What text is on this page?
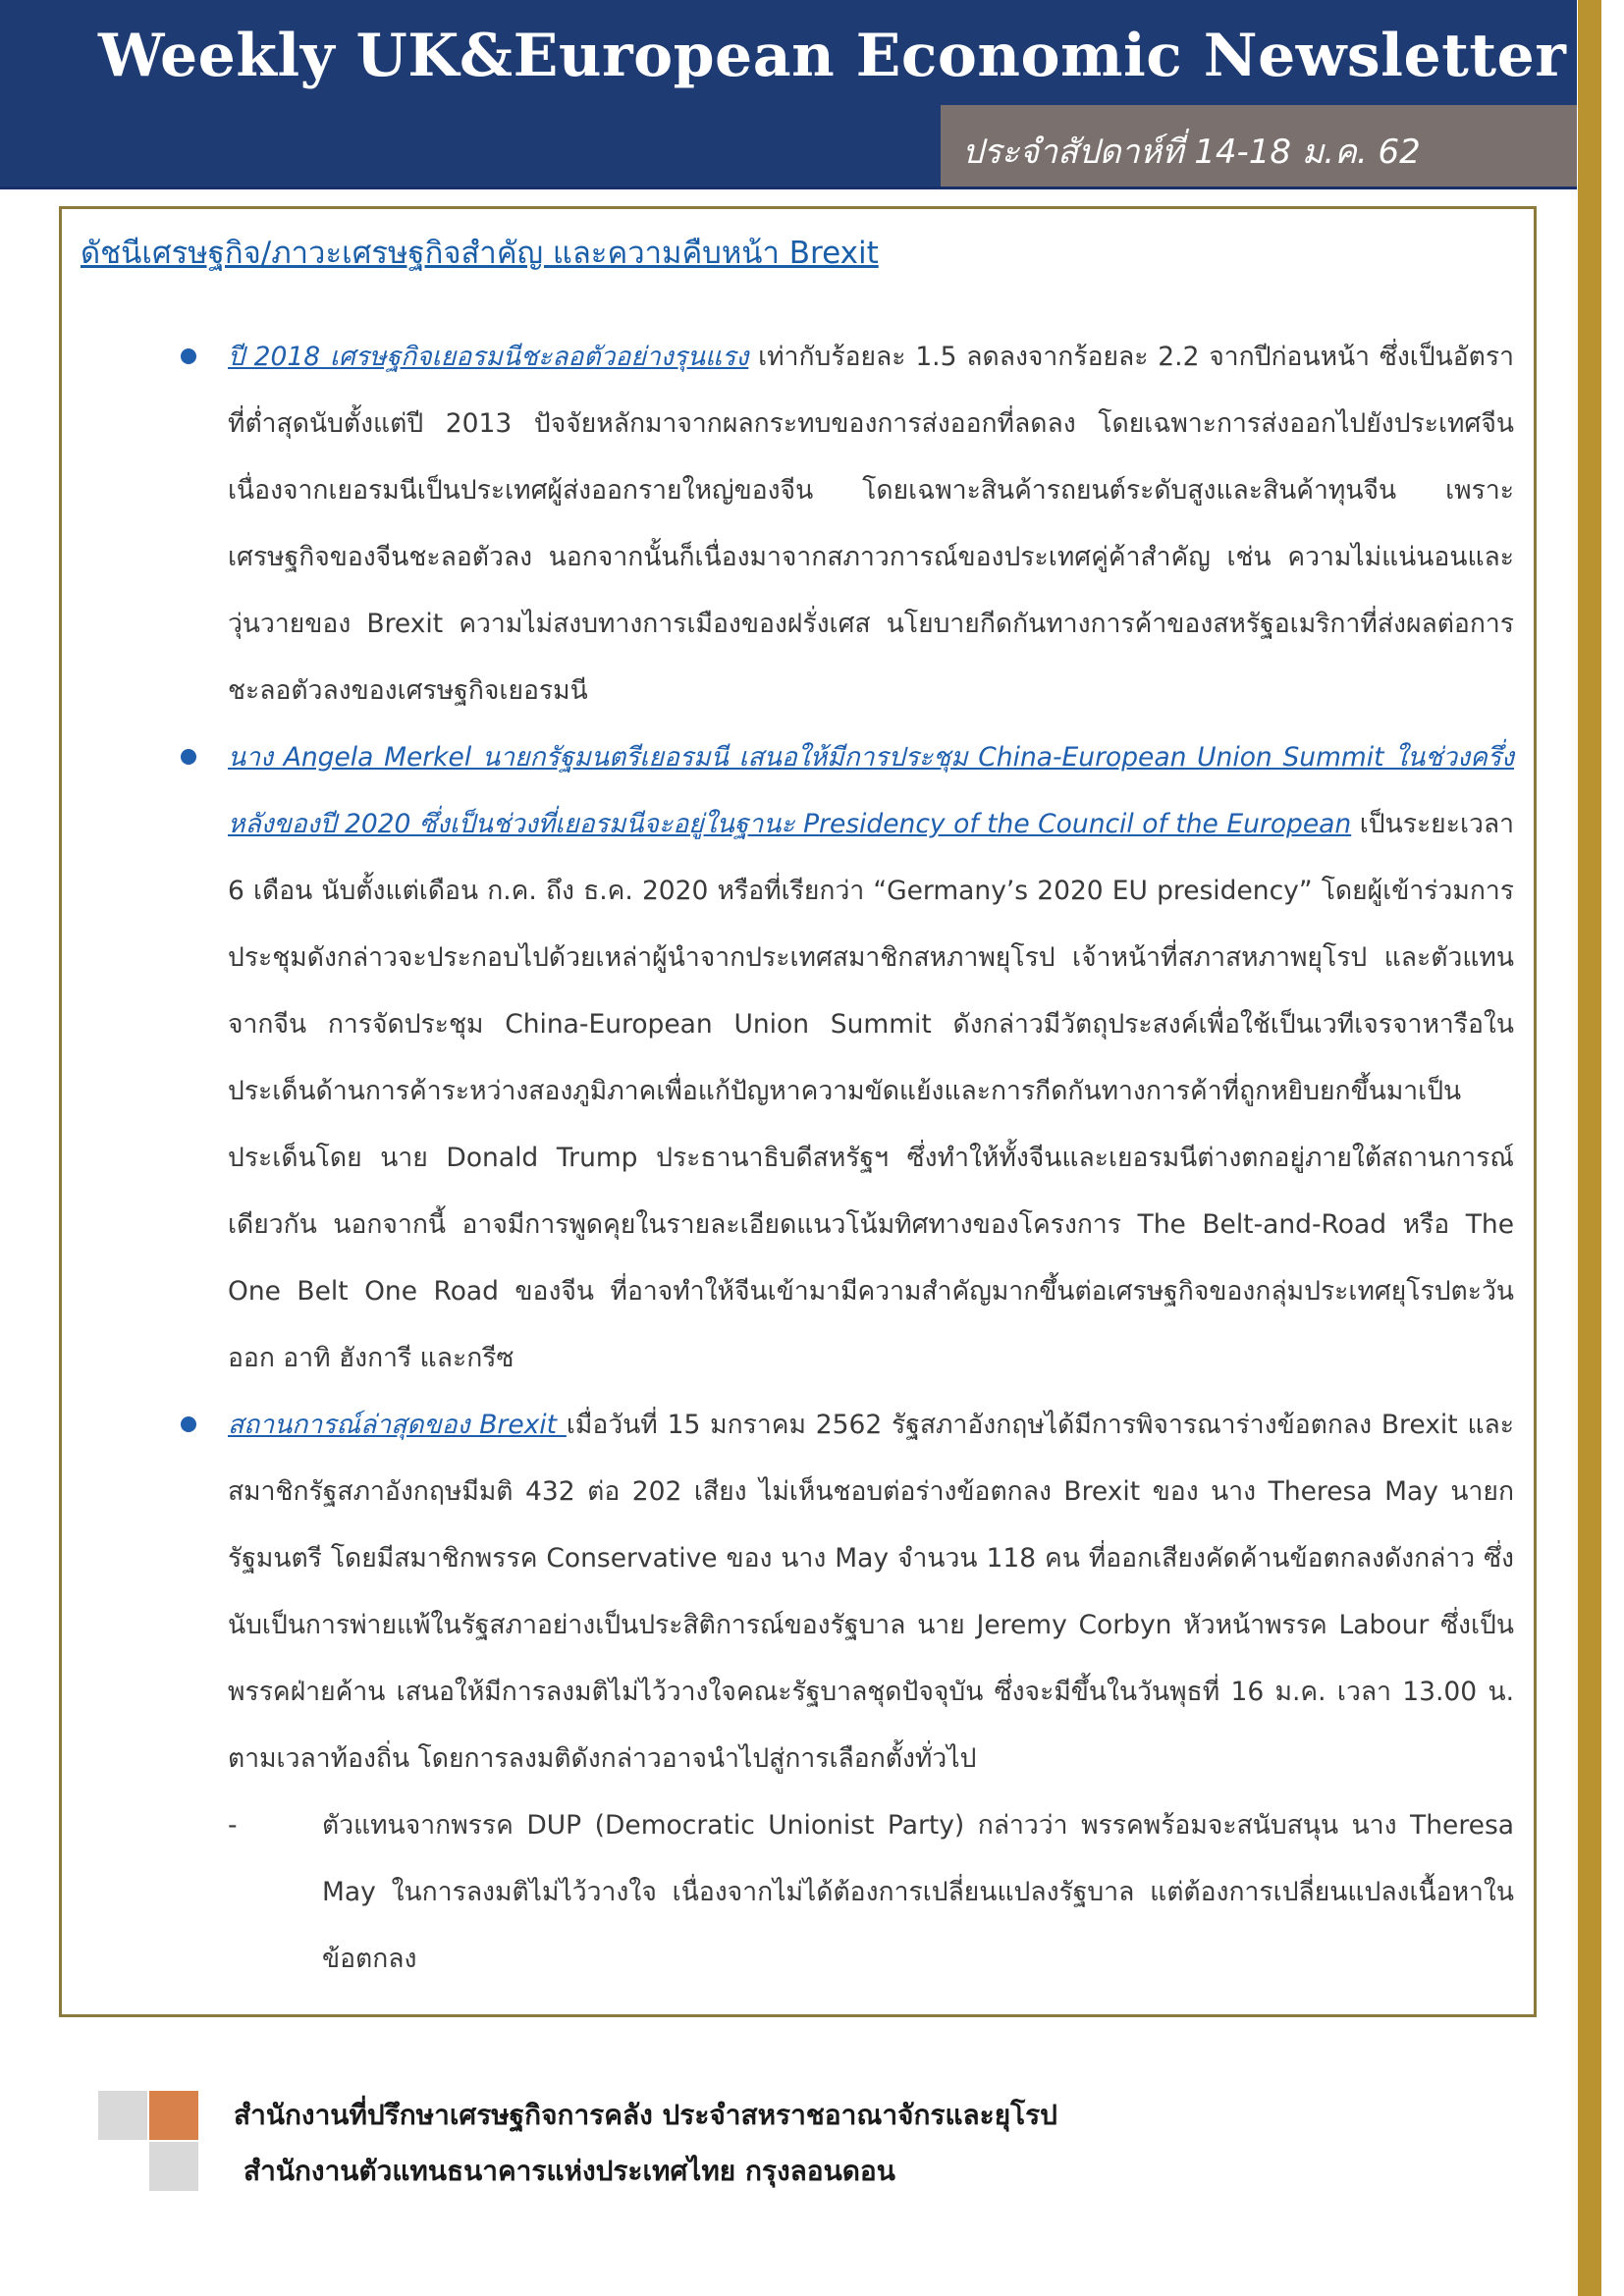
Weekly UK&European Economic Newsletter
ประจำสัปดาห์ที่ 14-18 ม.ค. 62
ดัชนีเศรษฐกิจ/ภาวะเศรษฐกิจสำคัญ และความคืบหน้า Brexit

ปี 2018 เศรษฐกิจเยอรมนีชะลอตัวอย่างรุนแรง เท่ากับร้อยละ 1.5 ลดลงจากร้อยละ 2.2 จากปีก่อนหน้า ซึ่งเป็นอัตราที่ต่ำสุดนับตั้งแต่ปี 2013 ปัจจัยหลักมาจากผลกระทบของการส่งออกที่ลดลง โดยเฉพาะการส่งออกไปยังประเทศจีน เนื่องจากเยอรมนีเป็นประเทศผู้ส่งออกรายใหญ่ของจีน โดยเฉพาะสินค้ารถยนต์ระดับสูงและสินค้าทุนจีน เพราะเศรษฐกิจของจีนชะลอตัวลง นอกจากนั้นก็เนื่องมาจากสภาวการณ์ของประเทศคู่ค้าสำคัญ เช่น ความไม่แน่นอนและวุ่นวายของ Brexit ความไม่สงบทางการเมืองของฝรั่งเศส นโยบายกีดกันทางการค้าของสหรัฐอเมริกาที่ส่งผลต่อการชะลอตัวลงของเศรษฐกิจเยอรมนี

นาง Angela Merkel นายกรัฐมนตรีเยอรมนี เสนอให้มีการประชุม China-European Union Summit ในช่วงครึ่งหลังของปี 2020 ซึ่งเป็นช่วงที่เยอรมนีจะอยู่ในฐานะ Presidency of the Council of the European เป็นระยะเวลา 6 เดือน นับตั้งแต่เดือน ก.ค. ถึง ธ.ค. 2020 หรือที่เรียกว่า “Germany’s 2020 EU presidency” โดยผู้เข้าร่วมการประชุมดังกล่าวจะประกอบไปด้วยเหล่าผู้นำจากประเทศสมาชิกสหภาพยุโรป เจ้าหน้าที่สภาสหภาพยุโรป และตัวแทนจากจีน การจัดประชุม China-European Union Summit ดังกล่าวมีวัตถุประสงค์เพื่อใช้เป็นเวทีเจรจาหารือในประเด็นด้านการค้าระหว่างสองภูมิภาคเพื่อแก้ปัญหาความขัดแย้งและการกีดกันทางการค้าที่ถูกหยิบยกขึ้นมาเป็นประเด็นโดย นาย Donald Trump ประธานาธิบดีสหรัฐฯ ซึ่งทำให้ทั้งจีนและเยอรมนีต่างตกอยู่ภายใต้สถานการณ์เดียวกัน นอกจากนี้ อาจมีการพูดคุยในรายละเอียดแนวโน้มทิศทางของโครงการ The Belt-and-Road หรือ The One Belt One Road ของจีน ที่อาจทำให้จีนเข้ามามีความสำคัญมากขึ้นต่อเศรษฐกิจของกลุ่มประเทศยุโรปตะวันออก อาทิ ฮังการี และกรีซ

สถานการณ์ล่าสุดของ Brexit เมื่อวันที่ 15 มกราคม 2562 รัฐสภาอังกฤษได้มีการพิจารณาร่างข้อตกลง Brexit และ สมาชิกรัฐสภาอังกฤษมีมติ 432 ต่อ 202 เสียง ไม่เห็นชอบต่อร่างข้อตกลง Brexit ของ นาง Theresa May นายกรัฐมนตรี โดยมีสมาชิกพรรค Conservative ของ นาง May จำนวน 118 คน ที่ออกเสียงคัดค้านข้อตกลงดังกล่าว ซึ่งนับเป็นการพ่ายแพ้ในรัฐสภาอย่างเป็นประสิติการณ์ของรัฐบาล นาย Jeremy Corbyn หัวหน้าพรรค Labour ซึ่งเป็นพรรคฝ่ายค้าน เสนอให้มีการลงมติไม่ไว้วางใจคณะรัฐบาลชุดปัจจุบัน ซึ่งจะมีขึ้นในวันพุธที่ 16 ม.ค. เวลา 13.00 น. ตามเวลาท้องถิ่น โดยการลงมติดังกล่าวอาจนำไปสู่การเลือกตั้งทั่วไป

-	ตัวแทนจากพรรค DUP (Democratic Unionist Party) กล่าวว่า พรรคพร้อมจะสนับสนุน นาง Theresa May ในการลงมติไม่ไว้วางใจ เนื่องจากไม่ได้ต้องการเปลี่ยนแปลงรัฐบาล แต่ต้องการเปลี่ยนแปลงเนื้อหาในข้อตกลง

สำนักงานที่ปรึกษาเศรษฐกิจการคลัง ประจำสหราชอาณาจักรและยุโรป
สำนักงานตัวแทนธนาคารแห่งประเทศไทย กรุงลอนดอน
